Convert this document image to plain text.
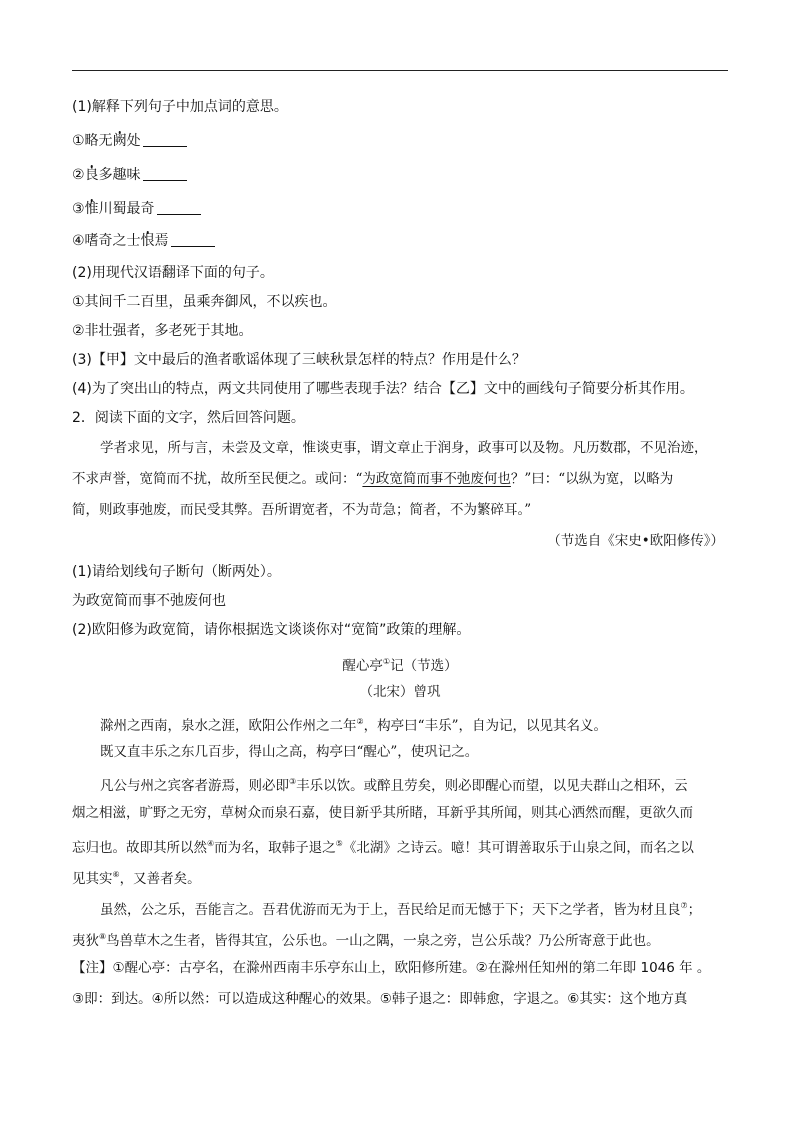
(1)解释下列句子中加点词的意思。
①略无阙处
②良多趣味
③惟川蜀最奇
④嗜奇之士恨焉
(2)用现代汉语翻译下面的句子。
①其间千二百里，虽乘奔御风，不以疾也。
②非壮强者，多老死于其地。
(3)【甲】文中最后的渔者歌谣体现了三峡秋景怎样的特点？作用是什么？
(4)为了突出山的特点，两文共同使用了哪些表现手法？结合【乙】文中的画线句子简要分析其作用。
2．阅读下面的文字，然后回答问题。
学者求见，所与言，未尝及文章，惟谈吏事，谓文章止于润身，政事可以及物。凡历数郡，不见治迹，
不求声誉，宽简而不扰，故所至民便之。或问：“为政宽简而事不弛废何也？”曰：“以纵为宽，以略为
简，则政事弛废，而民受其弊。吾所谓宽者，不为苛急；简者，不为繁碎耳。”
（节选自《宋史•欧阳修传》）
(1)请给划线句子断句（断两处）。
为政宽简而事不弛废何也
(2)欧阳修为政宽简，请你根据选文谈谈你对“宽简”政策的理解。
醒心亭①记（节选）
（北宋）曾巩
滁州之西南，泉水之涯，欧阳公作州之二年②，构亭曰“丰乐”，自为记，以见其名义。
既又直丰乐之东几百步，得山之高，构亭曰“醒心”，使巩记之。
凡公与州之宾客者游焉，则必即③丰乐以饮。或醉且劳矣，则必即醒心而望，以见夫群山之相环，云
烟之相滋，旷野之无穷，草树众而泉石嘉，使目新乎其所睹，耳新乎其所闻，则其心洒然而醒，更欲久而
忘归也。故即其所以然④而为名，取韩子退之⑤《北湖》之诗云。噫！其可谓善取乐于山泉之间，而名之以
见其实⑥，又善者矣。
虽然，公之乐，吾能言之。吾君优游而无为于上，吾民给足而无憾于下；天下之学者，皆为材且良⑦；
夷狄⑧鸟兽草木之生者，皆得其宜，公乐也。一山之隅，一泉之旁，岂公乐哉？乃公所寄意于此也。
【注】①醒心亭：古亭名，在滁州西南丰乐亭东山上，欧阳修所建。②在滁州任知州的第二年即 1046 年 。
③即：到达。④所以然：可以造成这种醒心的效果。⑤韩子退之：即韩愈，字退之。⑥其实：这个地方真
